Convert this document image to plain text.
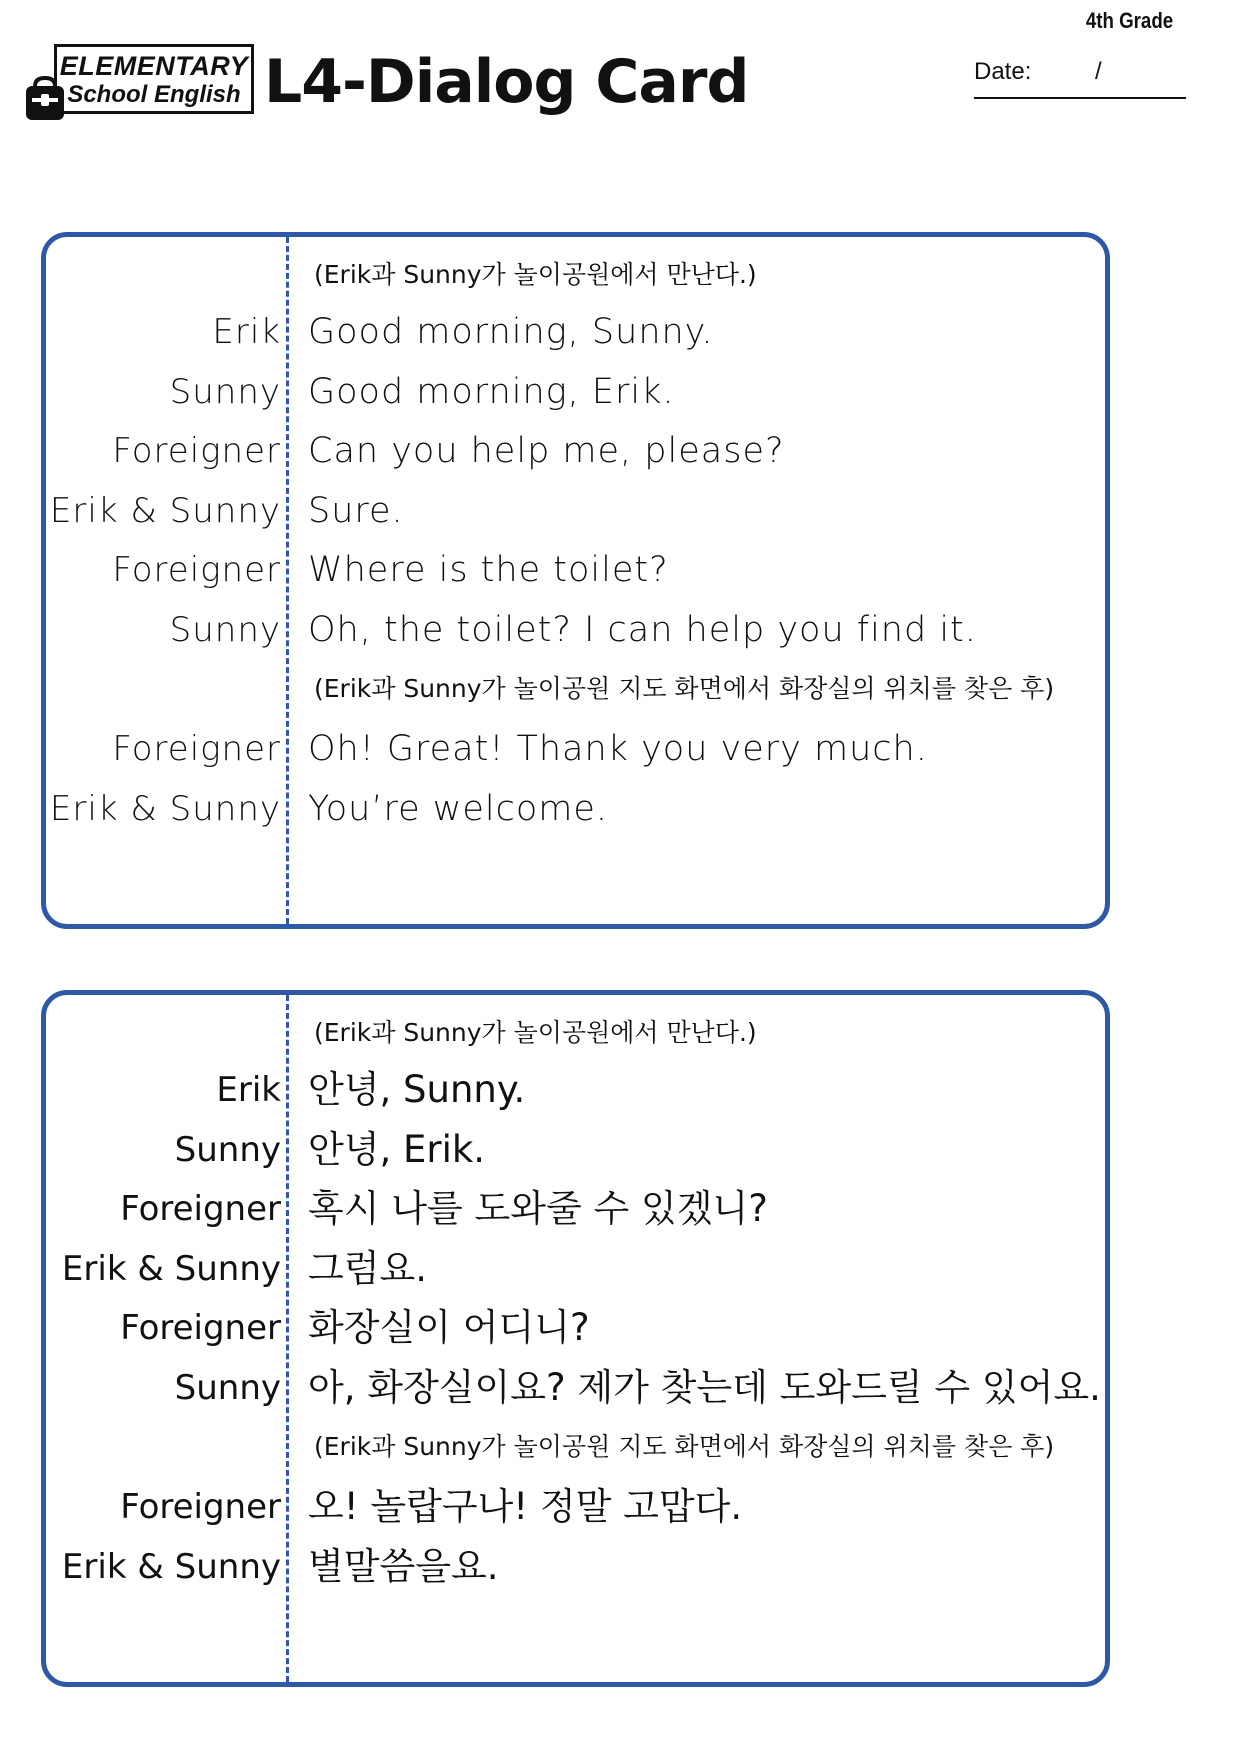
4th Grade
ELEMENTARY
School English L4-Dialog Card	Date:	/
(Erik과 Sunny가 놀이공원에서 만난다.)
Erik Good morning, Sunny.
Sunny Good morning, Erik.
Foreigner Can you help me, please?
Erik & Sunny Sure.
Foreigner Where is the toilet?
Sunny Oh, the toilet? I can help you find it.
(Erik과 Sunny가 놀이공원 지도 화면에서 화장실의 위치를 찾은 후)
Foreigner Oh! Great! Thank you very much.
Erik & Sunny You’re welcome.
(Erik과 Sunny가 놀이공원에서 만난다.)
Erik 안녕, Sunny.
Sunny 안녕, Erik.
Foreigner 혹시 나를 도와줄 수 있겠니?
Erik & Sunny 그럼요.
Foreigner 화장실이 어디니?
Sunny 아, 화장실이요? 제가 찾는데 도와드릴 수 있어요.
(Erik과 Sunny가 놀이공원 지도 화면에서 화장실의 위치를 찾은 후)
Foreigner 오! 놀랍구나! 정말 고맙다.
Erik & Sunny 별말씀을요.
